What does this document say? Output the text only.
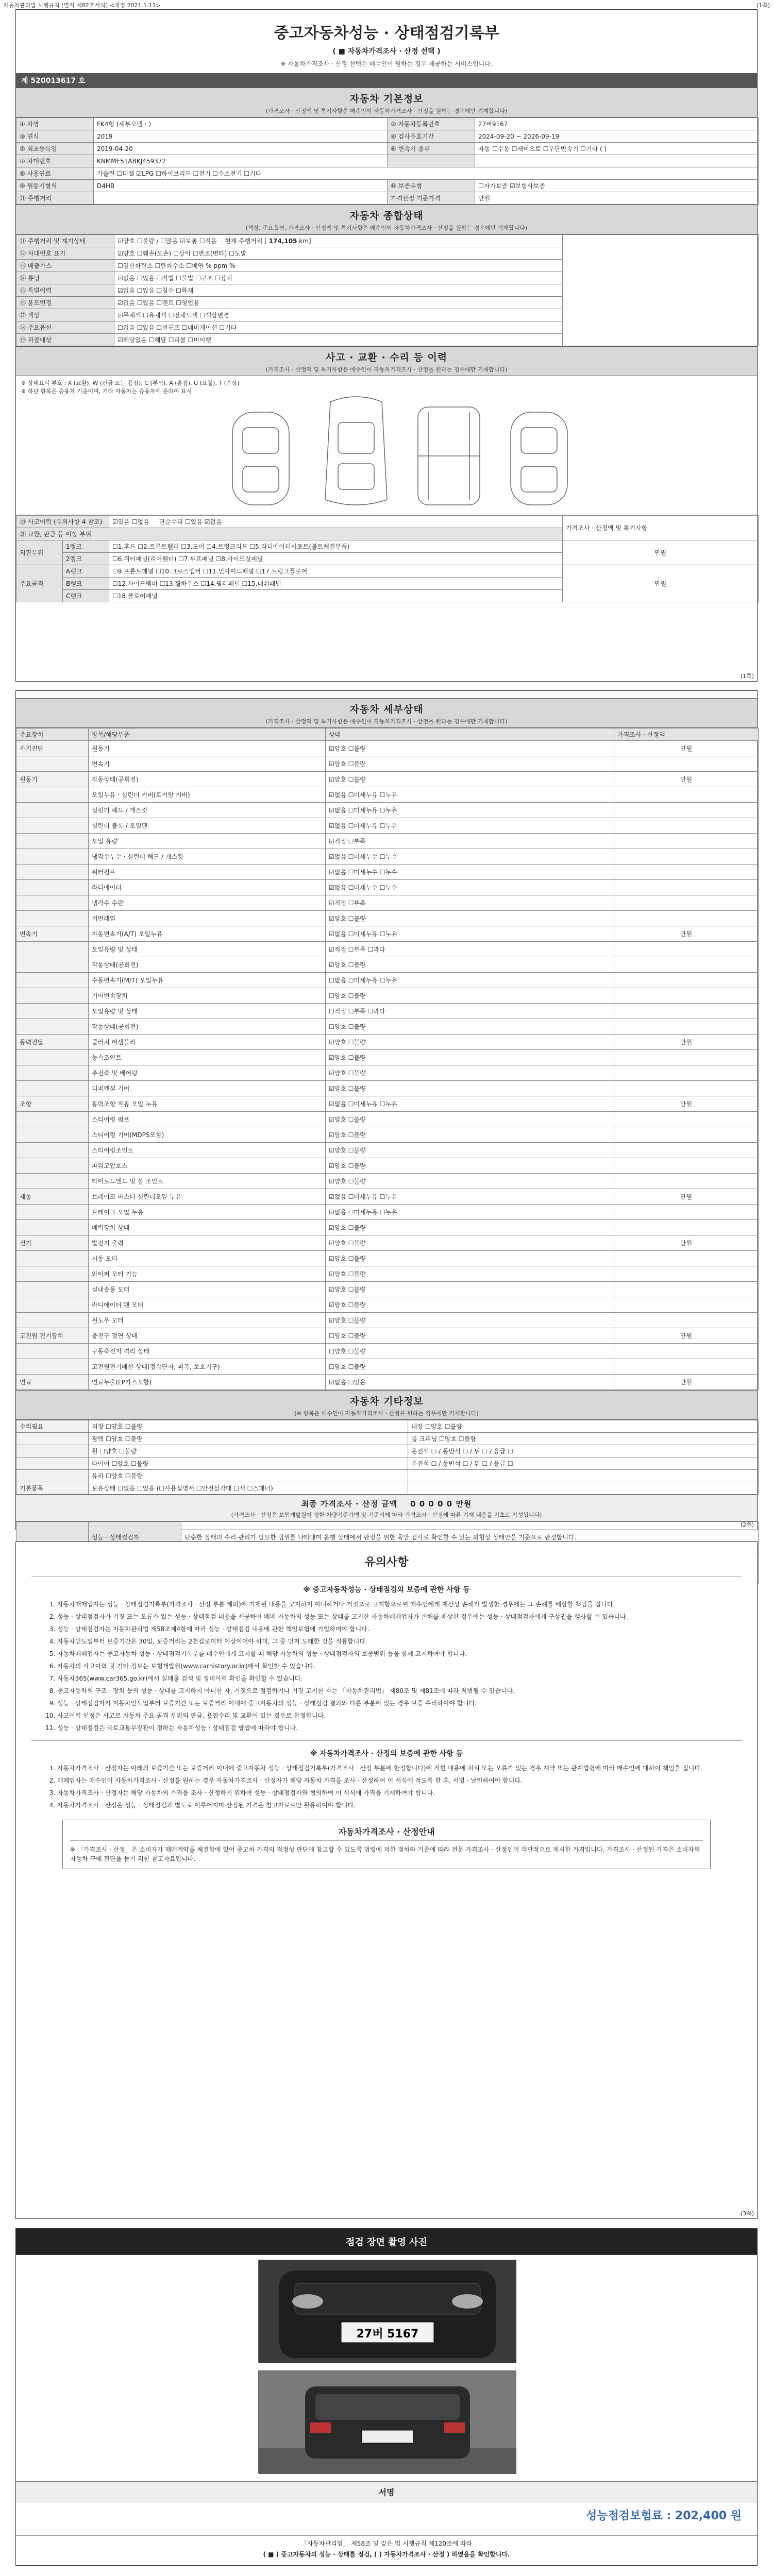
자동차관리법 시행규칙 [별지 제82호서식] <개정 2021.1.11>	(1쪽)
중고자동차성능 · 상태점검기록부
( ■ 자동차가격조사 · 산정 선택 )
※ 자동차가격조사 · 산정 선택은 매수인이 원하는 경우 제공하는 서비스입니다.
제 520013617 호
자동차 기본정보
(가격조사 · 산정액 및 특기사항은 매수인이 자동차가격조사 · 산정을 원하는 경우에만 기재합니다)
① 차명	FK4형 (세부모델 : )	② 자동차등록번호	27버9167
③ 연식	2019	④ 검사유효기간	2024-09-20 ~ 2026-09-19
⑤ 최초등록일	2019-04-20	⑥ 변속기 종류	자동 ☐수동 ☐세미오토 ☐무단변속기 ☐기타 ( )
⑦ 차대번호	KNMME51ABKJ459372		
⑧ 사용연료	가솔린 ☐디젤 ☑LPG ☐하이브리드 ☐전기 ☐수소전기 ☐기타		
⑨ 원동기형식	D4HB	⑩ 보증유형	☐자가보증 ☑보험사보증
⑪ 주행거리		가격산정 기준가격	만원
자동차 종합상태
(색상, 주요옵션, 가격조사 · 산정액 및 특기사항은 매수인이 자동차가격조사 · 산정을 원하는 경우에만 기재합니다)
⑪ 주행거리 및 계기상태	☑양호 ☐불량 / ☐많음 ☑보통 ☐적음 현재 주행거리 [ 174,105 km]	
⑫ 차대번호 표기	☑양호 ☐훼손(오손) ☐상이 ☐변조(변타) ☐도말	
⑬ 배출가스	☐일산화탄소 ☐탄화수소 ☐매연 % ppm %	
⑭ 튜닝	☑없음 ☐있음 ☐적법 ☐불법 ☐구조 ☐장치	
⑮ 특별이력	☑없음 ☐있음 ☐침수 ☐화재	
⑯ 용도변경	☑없음 ☐있음 ☐렌트 ☐영업용	
⑰ 색상	☑무채색 ☐유채색 ☐전체도색 ☐색상변경	
⑱ 주요옵션	☐없음 ☐있음 ☐선루프 ☐네비게이션 ☐기타	
⑲ 리콜대상	☑해당없음 ☐해당 ☐리콜 ☐미이행	
사고 · 교환 · 수리 등 이력
(가격조사 · 산정액 및 특기사항은 매수인이 자동차가격조사 · 산정을 원하는 경우에만 기재합니다)
※ 상태표시 부호 : X (교환), W (판금 또는 용접), C (부식), A (흠집), U (요철), T (손상)
※ 하단 항목은 승용차 기준이며, 기타 자동차는 승용차에 준하여 표시
⑳ 사고이력 (유의사항 4 참조)		☑있음 ☐없음 단순수리 ☐있음 ☑없음	가격조사 · 산정액 및 특기사항
㉑ 교환, 판금 등 이상 부위			
외판부위	1랭크	☐1.후드 ☐2.프론트휀더 ☐3.도어 ☐4.트렁크리드 ☐5.라디에이터서포트(볼트체결부품)	만원
	2랭크	☐6.쿼터패널(리어휀더) ☐7.루프패널 ☐8.사이드실패널	
주요골격	A랭크	☐9.프론트패널 ☐10.크로스멤버 ☐11.인사이드패널 ☐17.트렁크플로어	만원
	B랭크	☐12.사이드멤버 ☐13.휠하우스 ☐14.필러패널 ☐15.대쉬패널	
	C랭크	☐18.플로어패널	
(1쪽)
자동차 세부상태
(가격조사 · 산정액 및 특기사항은 매수인이 자동차가격조사 · 산정을 원하는 경우에만 기재합니다)
주요장치	항목/해당부품	상태	가격조사 · 산정액
자기진단	원동기	☑양호 ☐불량	만원
	변속기	☑양호 ☐불량	
원동기	작동상태(공회전)	☑양호 ☐불량	만원
	오일누유 · 실린더 커버(로커암 커버)	☑없음 ☐미세누유 ☐누유	
	실린더 헤드 / 개스킷	☑없음 ☐미세누유 ☐누유	
	실린더 블록 / 오일팬	☑없음 ☐미세누유 ☐누유	
	오일 유량	☑적정 ☐부족	
	냉각수누수 · 실린더 헤드 / 개스킷	☑없음 ☐미세누수 ☐누수	
	워터펌프	☑없음 ☐미세누수 ☐누수	
	라디에이터	☑없음 ☐미세누수 ☐누수	
	냉각수 수량	☑적정 ☐부족	
	커먼레일	☑양호 ☐불량	
변속기	자동변속기(A/T) 오일누유	☑없음 ☐미세누유 ☐누유	만원
	오일유량 및 상태	☑적정 ☐부족 ☐과다	
	작동상태(공회전)	☑양호 ☐불량	
	수동변속기(M/T) 오일누유	☐없음 ☐미세누유 ☐누유	
	기어변속장치	☐양호 ☐불량	
	오일유량 및 상태	☐적정 ☐부족 ☐과다	
	작동상태(공회전)	☐양호 ☐불량	
동력전달	클러치 어셈블리	☑양호 ☐불량	만원
	등속조인트	☑양호 ☐불량	
	추진축 및 베어링	☑양호 ☐불량	
	디퍼렌셜 기어	☑양호 ☐불량	
조향	동력조향 작동 오일 누유	☑없음 ☐미세누유 ☐누유	만원
	스티어링 펌프	☑양호 ☐불량	
	스티어링 기어(MDPS포함)	☑양호 ☐불량	
	스티어링조인트	☑양호 ☐불량	
	파워고압호스	☑양호 ☐불량	
	타이로드엔드 및 볼 조인트	☑양호 ☐불량	
제동	브레이크 마스터 실린더오일 누유	☑없음 ☐미세누유 ☐누유	만원
	브레이크 오일 누유	☑없음 ☐미세누유 ☐누유	
	배력장치 상태	☑양호 ☐불량	
전기	발전기 출력	☑양호 ☐불량	만원
	시동 모터	☑양호 ☐불량	
	와이퍼 모터 기능	☑양호 ☐불량	
	실내송풍 모터	☑양호 ☐불량	
	라디에이터 팬 모터	☑양호 ☐불량	
	윈도우 모터	☑양호 ☐불량	
고전원 전기장치	충전구 절연 상태	☐양호 ☐불량	만원
	구동축전지 격리 상태	☐양호 ☐불량	
	고전원전기배선 상태(접속단자, 피복, 보호기구)	☐양호 ☐불량	
연료	연료누출(LP가스포함)	☑없음 ☐있음	만원
자동차 기타정보
(※ 항목은 매수인이 자동차가격조사 · 산정을 원하는 경우에만 기재합니다)
수리필요	외장 ☐양호 ☐불량	내장 ☐양호 ☐불량
	광택 ☐양호 ☐불량	룸 크리닝 ☐양호 ☐불량
	휠 ☐양호 ☐불량	운전석 ☐ / 동반석 ☐ / 뒤 ☐ / 응급 ☐
	타이어 ☐양호 ☐불량	운전석 ☐ / 동반석 ☐ / 뒤 ☐ / 응급 ☐
	유리 ☐양호 ☐불량	
기본품목	보유상태 ☐없음 ☐있음 (☐사용설명서 ☐안전삼각대 ☐잭 ☐스패너)	
최종 가격조사 · 산정 금액 0 0 0 0 0 만원
(가격조사 · 산정은 보험개발원이 정한 차량기준가액 및 기준서에 따라 가격조사 · 산정에 따른 기재 내용을 기초로 작성됩니다)
	성능 · 상태점검자	단순한 상태의 수리·관리가 필요한 범위를 나타내며 운행 상태에서 판정을 위한 육안 검사로 확인할 수 있는 외형상 상태만을 기준으로 판정합니다.

(2쪽)
유의사항
※ 중고자동차성능 · 상태점검의 보증에 관한 사항 등
1. 자동차매매업자는 성능 · 상태점검기록부(가격조사 · 산정 부분 제외)에 기재된 내용을 고지하지 아니하거나 거짓으로 고지함으로써 매수인에게 재산상 손해가 발생한 경우에는 그 손해를 배상할 책임을 집니다.
2. 성능 · 상태점검자가 거짓 또는 오류가 있는 성능 · 상태점검 내용을 제공하여 매매 자동차의 성능 또는 상태를 고지한 자동차매매업자가 손해를 배상한 경우에는 성능 · 상태점검자에게 구상권을 행사할 수 있습니다.
3. 성능 · 상태점검자는 자동차관리법 제58조제4항에 따라 성능 · 상태점검 내용에 관한 책임보험에 가입하여야 합니다.
4. 자동차인도일부터 보증기간은 30일, 보증거리는 2천킬로미터 이상이어야 하며, 그 중 먼저 도래한 것을 적용합니다.
5. 자동차매매업자는 중고자동차 성능 · 상태점검기록부를 매수인에게 고지할 때 해당 자동차의 성능 · 상태점검자의 보증범위 등을 함께 고지하여야 합니다.
6. 자동차의 사고이력 및 기타 정보는 보험개발원(www.carhistory.or.kr)에서 확인할 수 있습니다.
7. 자동차365(www.car365.go.kr)에서 실매물 검색 및 정비이력 확인을 확인할 수 있습니다.
8. 중고자동차의 구조 · 장치 등의 성능 · 상태를 고지하지 아니한 자, 거짓으로 점검하거나 거짓 고지한 자는 「자동차관리법」 제80조 및 제81조에 따라 처벌될 수 있습니다.
9. 성능 · 상태점검자가 자동차인도일부터 보증기간 또는 보증거리 이내에 중고자동차의 성능 · 상태점검 결과와 다른 부분이 있는 경우 보증 수리하여야 합니다.
10. 사고이력 인정은 사고로 자동차 주요 골격 부위의 판금, 용접수리 및 교환이 있는 경우로 한정합니다.
11. 성능 · 상태점검은 국토교통부장관이 정하는 자동차성능 · 상태점검 방법에 따라야 합니다.
※ 자동차가격조사 · 산정의 보증에 관한 사항 등
1. 자동차가격조사 · 산정자는 아래의 보증기간 또는 보증거리 이내에 중고자동차 성능 · 상태점검기록부(가격조사 · 산정 부분에 한정합니다)에 적힌 내용에 허위 또는 오류가 있는 경우 계약 또는 관계법령에 따라 매수인에 대하여 책임을 집니다.
2. 매매업자는 매수인이 자동차가격조사 · 산정을 원하는 경우 자동차가격조사 · 산정자가 해당 자동차 가격을 조사 · 산정하여 이 서식에 적도록 한 후, 서명 · 날인하여야 합니다.
3. 자동차가격조사 · 산정자는 해당 자동차의 가격을 조사 · 산정하기 위하여 성능 · 상태점검자와 협의하여 이 서식에 가격을 기재하여야 합니다.
4. 자동차가격조사 · 산정은 성능 · 상태점검과 별도로 이루어지며 산정된 가격은 참고자료로만 활용하여야 합니다.
자동차가격조사 · 산정안내

※ 「가격조사 · 산정」은 소비자가 매매계약을 체결함에 있어 중고차 가격의 적정성 판단에 참고할 수 있도록 법령에 의한 절차와 기준에 따라 전문 가격조사 · 산정인이 객관적으로 제시한 가격입니다. 가격조사 · 산정된 가격은 소비자의 자동차 구매 판단을 돕기 위한 참고자료입니다.

(3쪽)
점검 장면 촬영 사진
27버 5167
서명
성능점검보험료 : 202,400 원
「자동차관리법」 제58조 및 같은 법 시행규칙 제120조에 따라
( ■ ) 중고자동차의 성능 · 상태를 점검, ( ) 자동차가격조사 · 산정 ) 하였음을 확인합니다.
